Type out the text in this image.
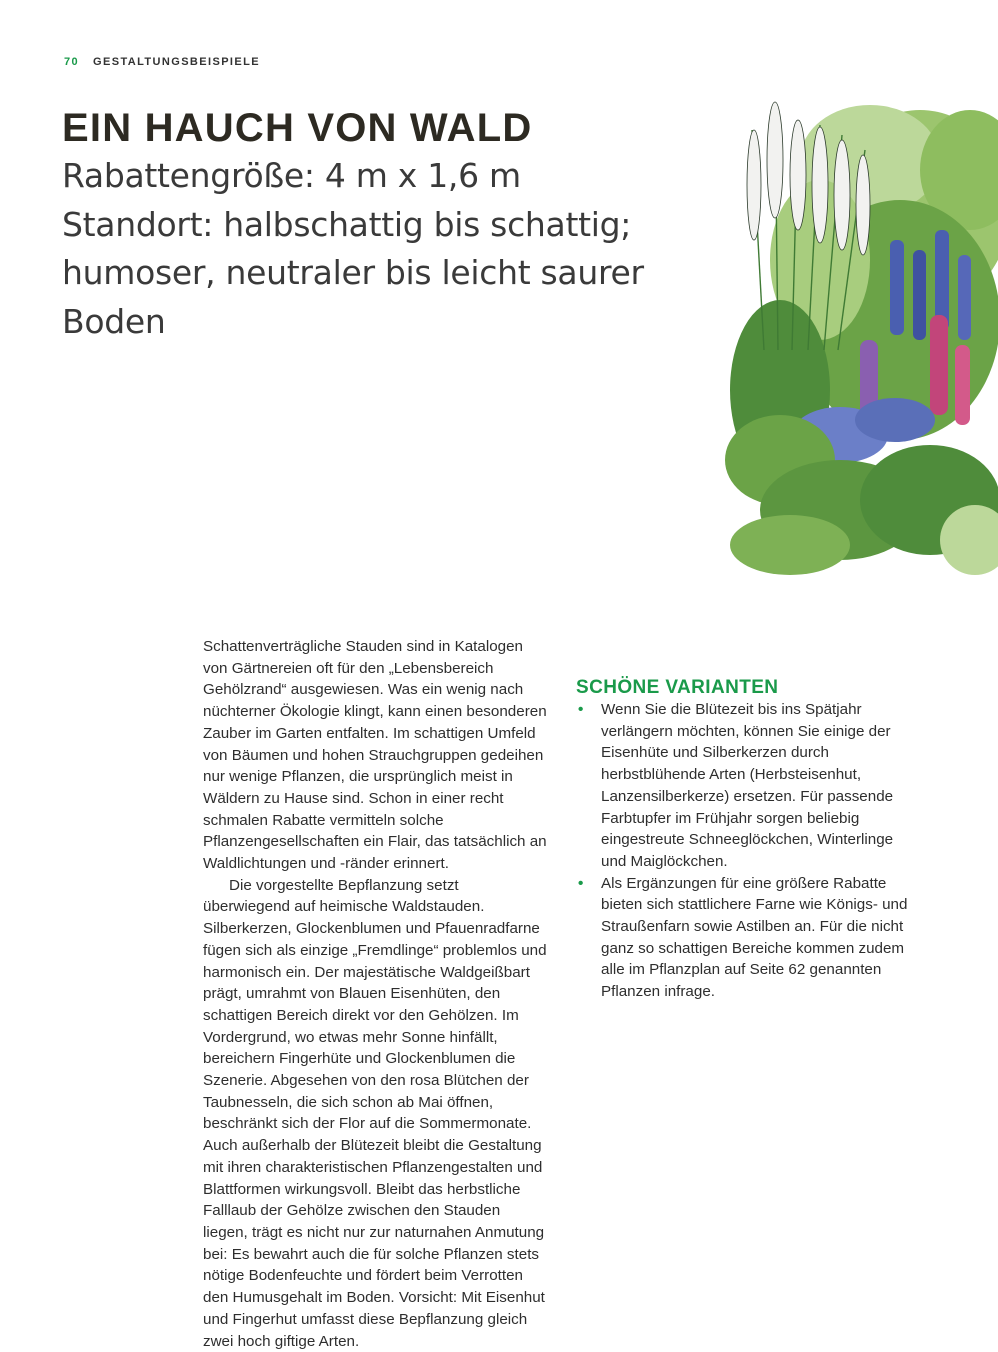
70 GESTALTUNGSBEISPIELE
EIN HAUCH VON WALD
Rabattengröße: 4 m x 1,6 m
Standort: halbschattig bis schattig;
humoser, neutraler bis leicht saurer
Boden

Schattenverträgliche Stauden sind in Katalogen von Gärtnereien oft für den „Lebensbereich Gehölzrand“ ausgewiesen. Was ein wenig nach nüchterner Ökologie klingt, kann einen besonderen Zauber im Garten entfalten. Im schattigen Umfeld von Bäumen und hohen Strauchgruppen gedeihen nur wenige Pflanzen, die ursprünglich meist in Wäldern zu Hause sind. Schon in einer recht schmalen Rabatte vermitteln solche Pflanzengesellschaften ein Flair, das tatsächlich an Waldlichtungen und -ränder erinnert.

Die vorgestellte Bepflanzung setzt überwiegend auf heimische Waldstauden. Silberkerzen, Glockenblumen und Pfauenradfarne fügen sich als einzige „Fremdlinge“ problemlos und harmonisch ein. Der majestätische Waldgeißbart prägt, umrahmt von Blauen Eisenhüten, den schattigen Bereich direkt vor den Gehölzen. Im Vordergrund, wo etwas mehr Sonne hinfällt, bereichern Fingerhüte und Glockenblumen die Szenerie. Abgesehen von den rosa Blütchen der Taubnesseln, die sich schon ab Mai öffnen, beschränkt sich der Flor auf die Sommermonate. Auch außerhalb der Blütezeit bleibt die Gestaltung mit ihren charakteristischen Pflanzengestalten und Blattformen wirkungsvoll. Bleibt das herbstliche Falllaub der Gehölze zwischen den Stauden liegen, trägt es nicht nur zur naturnahen Anmutung bei: Es bewahrt auch die für solche Pflanzen stets nötige Bodenfeuchte und fördert beim Verrotten den Humusgehalt im Boden. Vorsicht: Mit Eisenhut und Fingerhut umfasst diese Bepflanzung gleich zwei hoch giftige Arten.

SCHÖNE VARIANTEN
• Wenn Sie die Blütezeit bis ins Spätjahr verlängern möchten, können Sie einige der Eisenhüte und Silberkerzen durch herbstblühende Arten (Herbsteisenhut, Lanzensilberkerze) ersetzen. Für passende Farbtupfer im Frühjahr sorgen beliebig eingestreute Schneeglöckchen, Winterlinge und Maiglöckchen.
• Als Ergänzungen für eine größere Rabatte bieten sich stattlichere Farne wie Königs- und Straußenfarn sowie Astilben an. Für die nicht ganz so schattigen Bereiche kommen zudem alle im Pflanzplan auf Seite 62 genannten Pflanzen infrage.
